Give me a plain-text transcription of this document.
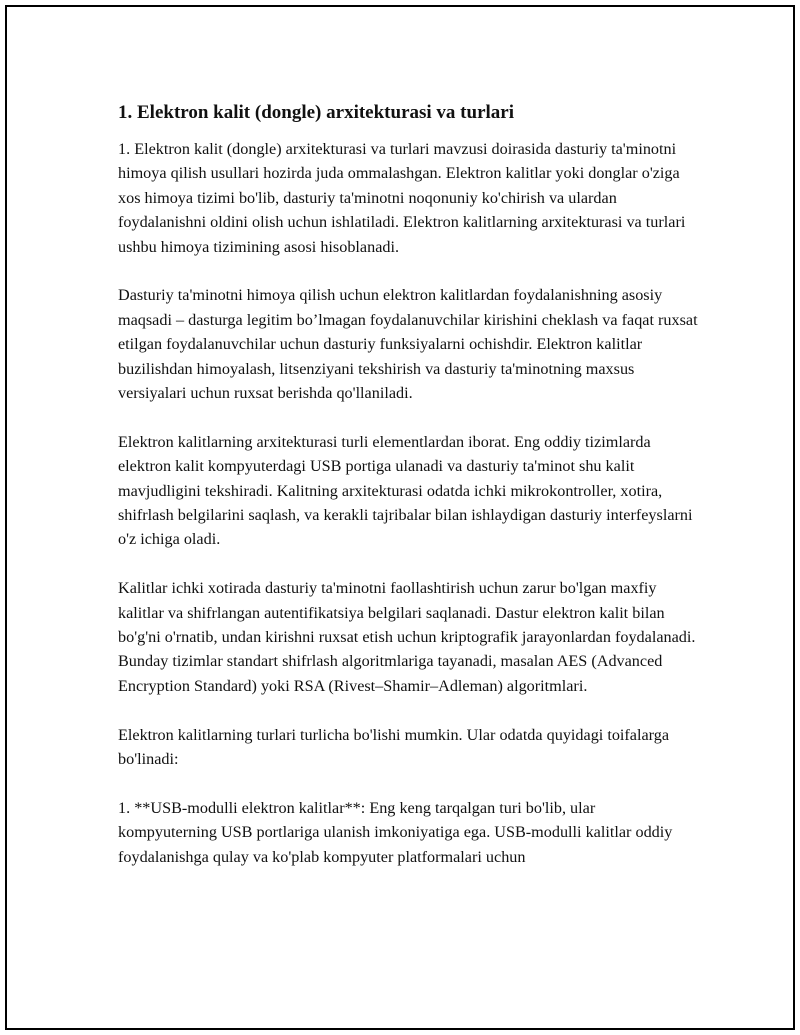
1. Elektron kalit (dongle) arxitekturasi va turlari

1. Elektron kalit (dongle) arxitekturasi va turlari mavzusi doirasida dasturiy ta'minotni himoya qilish usullari hozirda juda ommalashgan. Elektron kalitlar yoki donglar o'ziga xos himoya tizimi bo'lib, dasturiy ta'minotni noqonuniy ko'chirish va ulardan foydalanishni oldini olish uchun ishlatiladi. Elektron kalitlarning arxitekturasi va turlari ushbu himoya tizimining asosi hisoblanadi.

Dasturiy ta'minotni himoya qilish uchun elektron kalitlardan foydalanishning asosiy maqsadi – dasturga legitim bo’lmagan foydalanuvchilar kirishini cheklash va faqat ruxsat etilgan foydalanuvchilar uchun dasturiy funksiyalarni ochishdir. Elektron kalitlar buzilishdan himoyalash, litsenziyani tekshirish va dasturiy ta'minotning maxsus versiyalari uchun ruxsat berishda qo'llaniladi.

Elektron kalitlarning arxitekturasi turli elementlardan iborat. Eng oddiy tizimlarda elektron kalit kompyuterdagi USB portiga ulanadi va dasturiy ta'minot shu kalit mavjudligini tekshiradi. Kalitning arxitekturasi odatda ichki mikrokontroller, xotira, shifrlash belgilarini saqlash, va kerakli tajribalar bilan ishlaydigan dasturiy interfeyslarni o'z ichiga oladi.

Kalitlar ichki xotirada dasturiy ta'minotni faollashtirish uchun zarur bo'lgan maxfiy kalitlar va shifrlangan autentifikatsiya belgilari saqlanadi. Dastur elektron kalit bilan bo'g'ni o'rnatib, undan kirishni ruxsat etish uchun kriptografik jarayonlardan foydalanadi. Bunday tizimlar standart shifrlash algoritmlariga tayanadi, masalan AES (Advanced Encryption Standard) yoki RSA (Rivest–Shamir–Adleman) algoritmlari.

Elektron kalitlarning turlari turlicha bo'lishi mumkin. Ular odatda quyidagi toifalarga bo'linadi:

1. **USB-modulli elektron kalitlar**: Eng keng tarqalgan turi bo'lib, ular kompyuterning USB portlariga ulanish imkoniyatiga ega. USB-modulli kalitlar oddiy foydalanishga qulay va ko'plab kompyuter platformalari uchun
